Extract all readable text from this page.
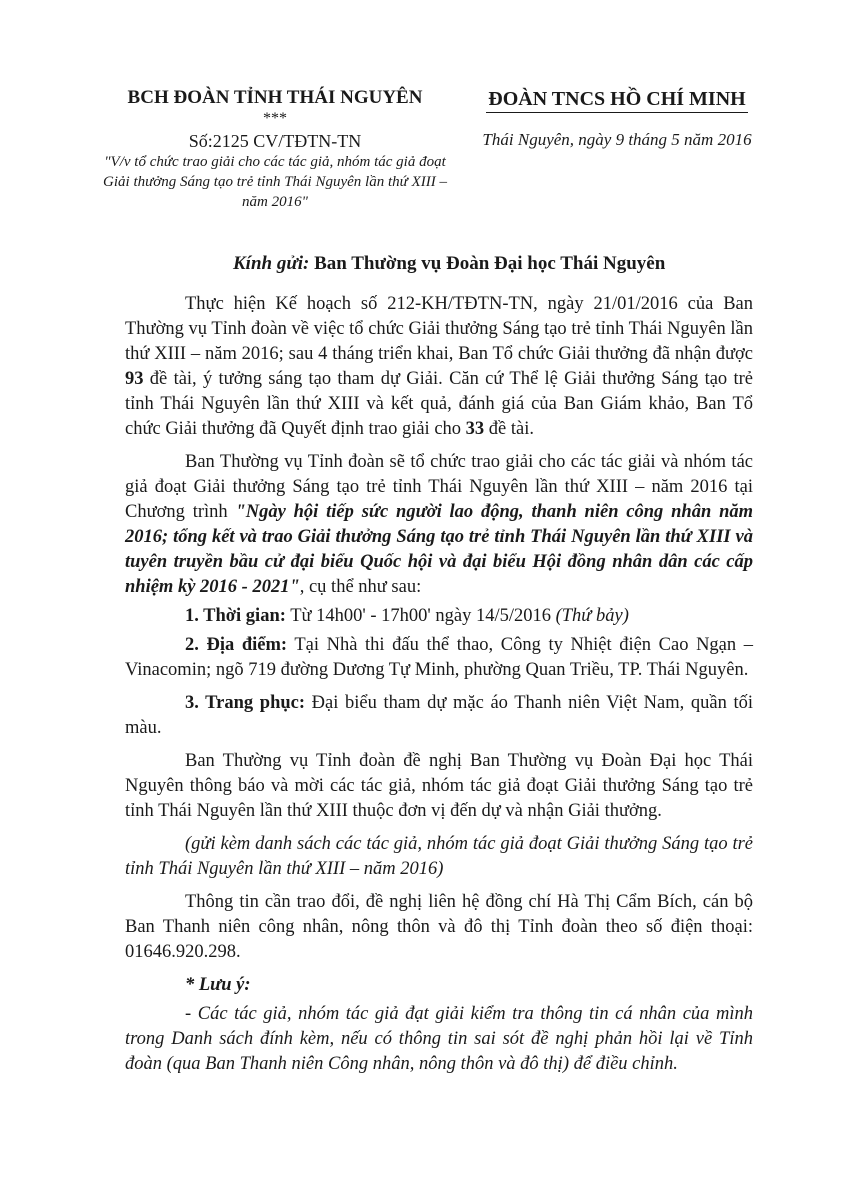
BCH ĐOÀN TỈNH THÁI NGUYÊN
***
Số:2125 CV/TĐTN-TN
"V/v tổ chức trao giải cho các tác giả, nhóm tác giả đoạt Giải thưởng Sáng tạo trẻ tỉnh Thái Nguyên lần thứ XIII – năm 2016"
ĐOÀN TNCS HỒ CHÍ MINH
Thái Nguyên, ngày 9 tháng 5 năm 2016
Kính gửi: Ban Thường vụ Đoàn Đại học Thái Nguyên

Thực hiện Kế hoạch số 212-KH/TĐTN-TN, ngày 21/01/2016 của Ban Thường vụ Tỉnh đoàn về việc tổ chức Giải thưởng Sáng tạo trẻ tỉnh Thái Nguyên lần thứ XIII – năm 2016; sau 4 tháng triển khai, Ban Tổ chức Giải thưởng đã nhận được 93 đề tài, ý tưởng sáng tạo tham dự Giải. Căn cứ Thể lệ Giải thưởng Sáng tạo trẻ tỉnh Thái Nguyên lần thứ XIII và kết quả, đánh giá của Ban Giám khảo, Ban Tổ chức Giải thưởng đã Quyết định trao giải cho 33 đề tài.

Ban Thường vụ Tỉnh đoàn sẽ tổ chức trao giải cho các tác giải và nhóm tác giả đoạt Giải thưởng Sáng tạo trẻ tỉnh Thái Nguyên lần thứ XIII – năm 2016 tại Chương trình "Ngày hội tiếp sức người lao động, thanh niên công nhân năm 2016; tổng kết và trao Giải thưởng Sáng tạo trẻ tỉnh Thái Nguyên lần thứ XIII và tuyên truyền bầu cử đại biểu Quốc hội và đại biểu Hội đồng nhân dân các cấp nhiệm kỳ 2016 - 2021", cụ thể như sau:

1. Thời gian: Từ 14h00' - 17h00' ngày 14/5/2016 (Thứ bảy)

2. Địa điểm: Tại Nhà thi đấu thể thao, Công ty Nhiệt điện Cao Ngạn – Vinacomin; ngõ 719 đường Dương Tự Minh, phường Quan Triều, TP. Thái Nguyên.

3. Trang phục: Đại biểu tham dự mặc áo Thanh niên Việt Nam, quần tối màu.

Ban Thường vụ Tỉnh đoàn đề nghị Ban Thường vụ Đoàn Đại học Thái Nguyên thông báo và mời các tác giả, nhóm tác giả đoạt Giải thưởng Sáng tạo trẻ tỉnh Thái Nguyên lần thứ XIII thuộc đơn vị đến dự và nhận Giải thưởng.

(gửi kèm danh sách các tác giả, nhóm tác giả đoạt Giải thưởng Sáng tạo trẻ tỉnh Thái Nguyên lần thứ XIII – năm 2016)

Thông tin cần trao đổi, đề nghị liên hệ đồng chí Hà Thị Cẩm Bích, cán bộ Ban Thanh niên công nhân, nông thôn và đô thị Tỉnh đoàn theo số điện thoại: 01646.920.298.

* Lưu ý:

- Các tác giả, nhóm tác giả đạt giải kiểm tra thông tin cá nhân của mình trong Danh sách đính kèm, nếu có thông tin sai sót đề nghị phản hồi lại về Tỉnh đoàn (qua Ban Thanh niên Công nhân, nông thôn và đô thị) để điều chỉnh.
